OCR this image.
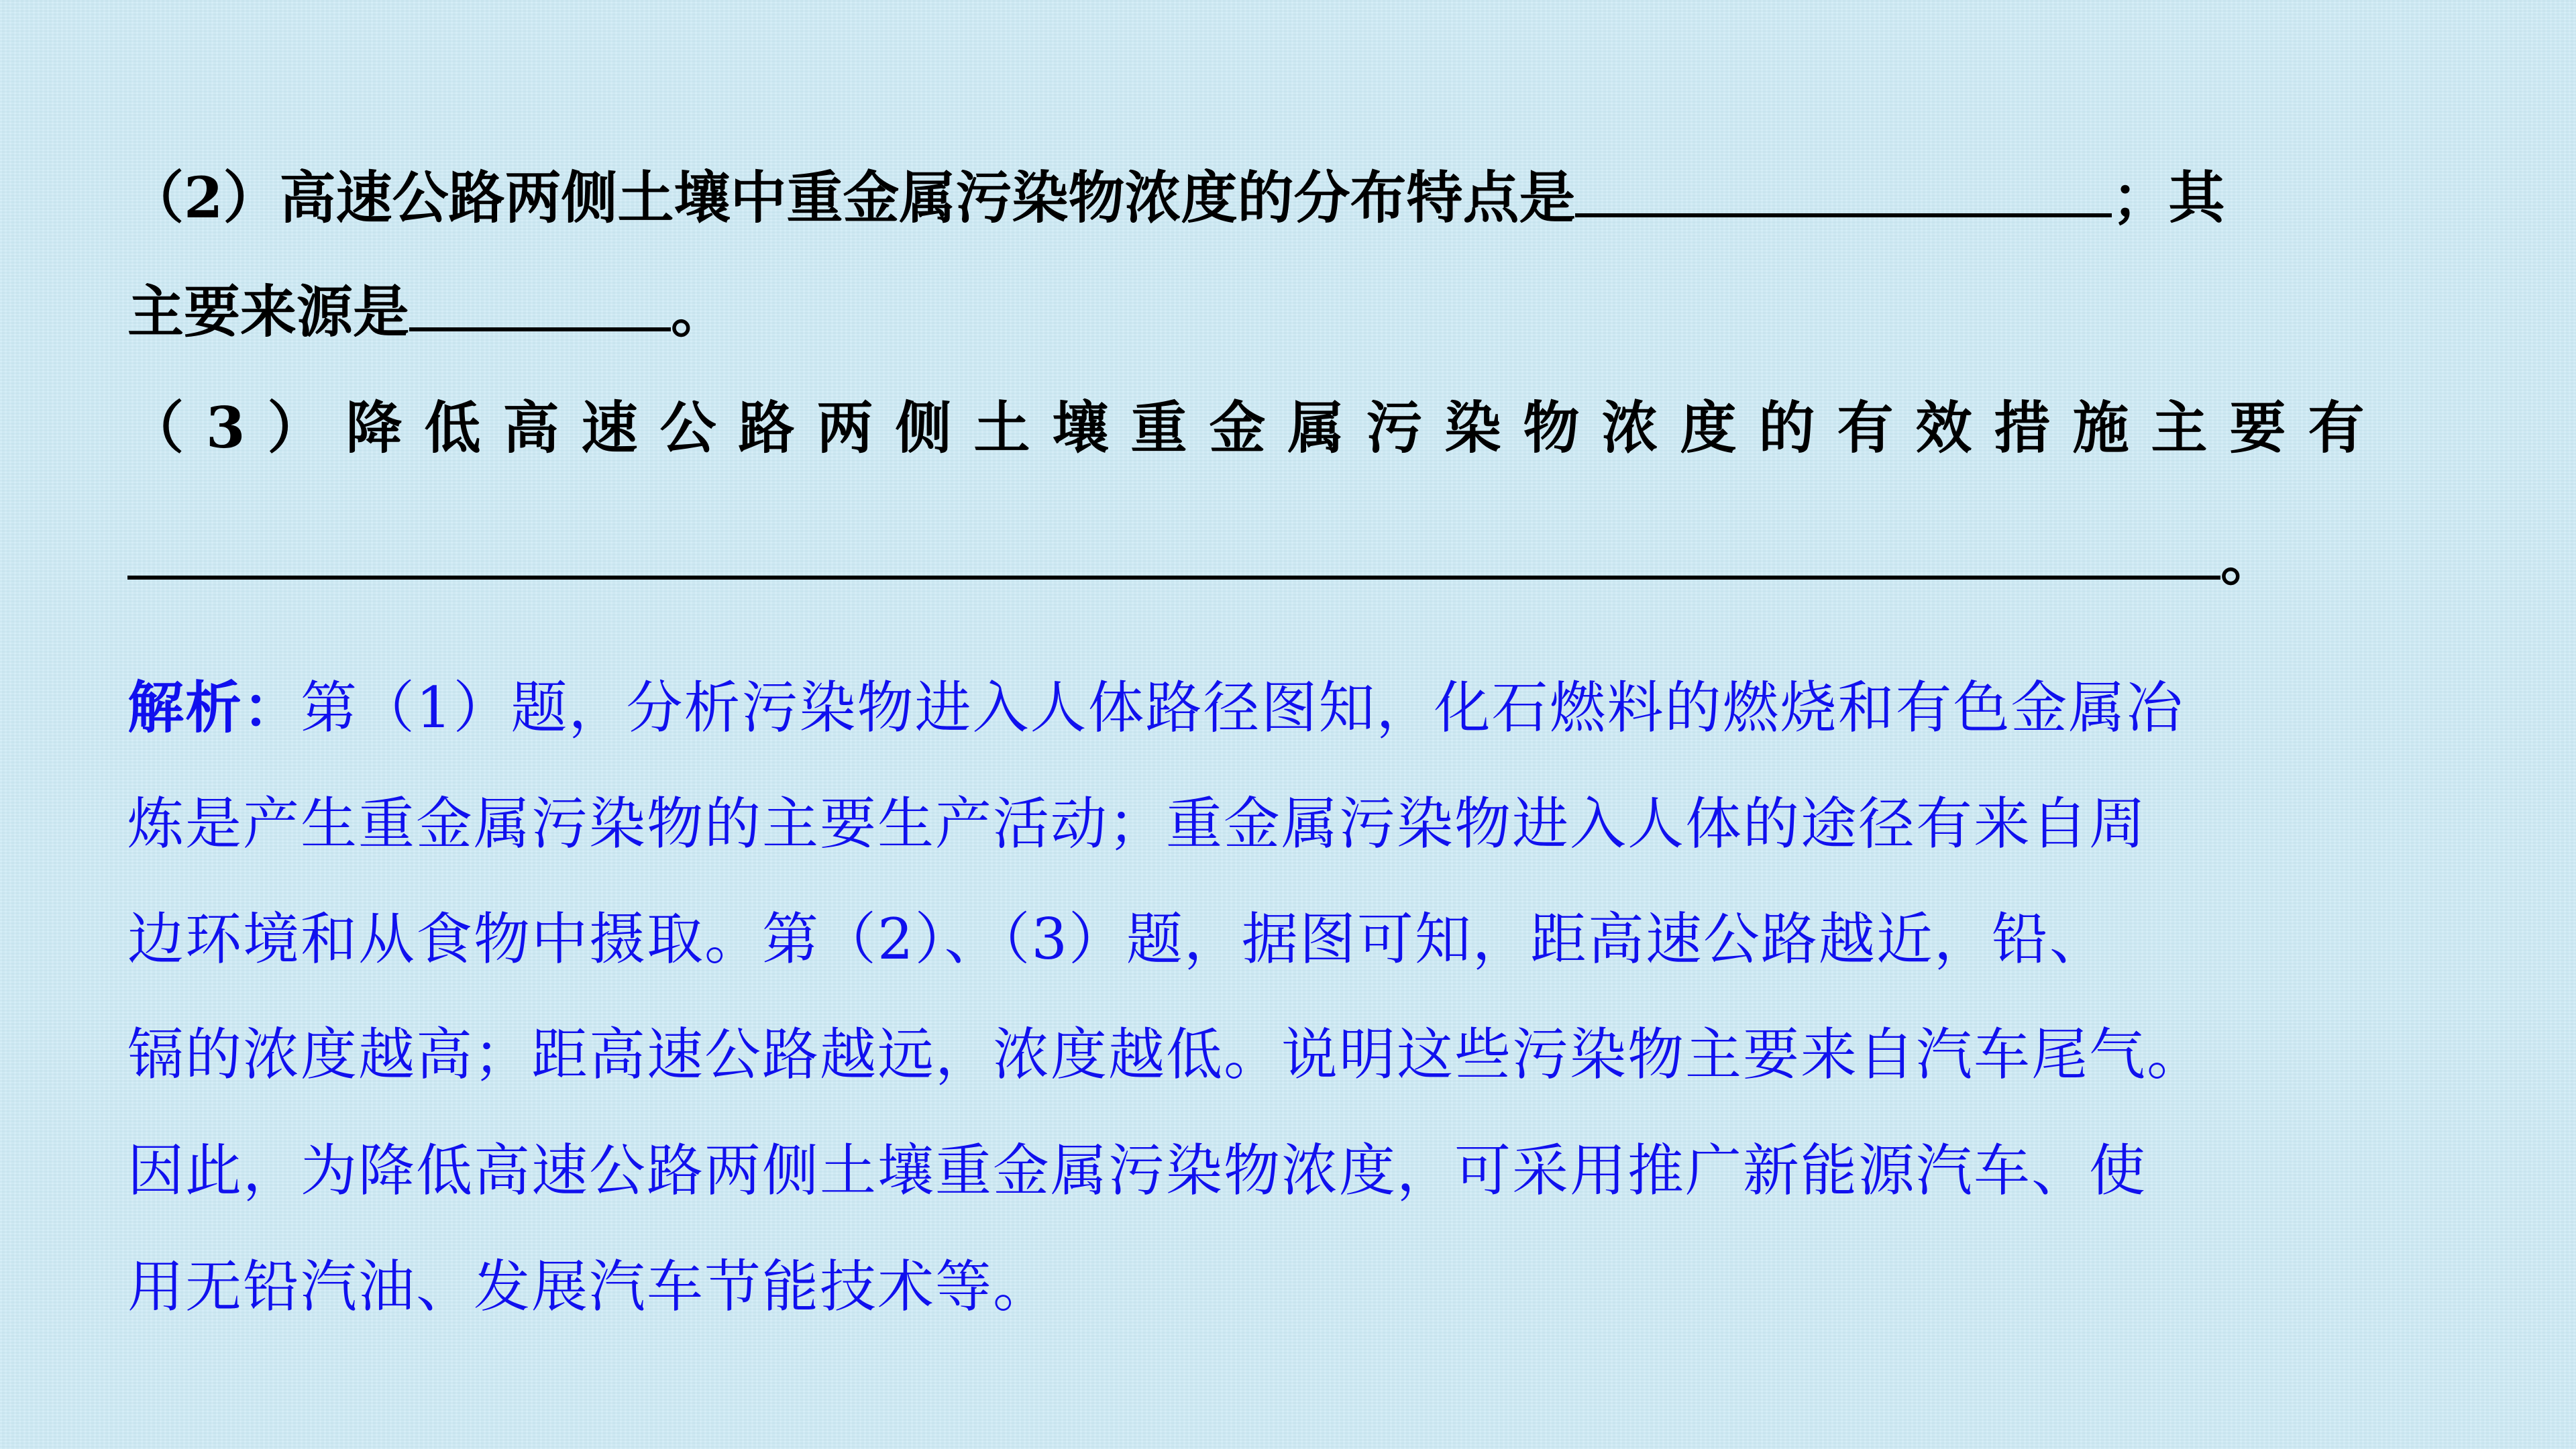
（2）高速公路两侧土壤中重金属污染物浓度的分布特点是	；其
主要来源是	。
（3）降低高速公路两侧土壤重金属污染物浓度的有效措施主要有
。
解析：第（1）题，分析污染物进入人体路径图知，化石燃料的燃烧和有色金属冶
炼是产生重金属污染物的主要生产活动；重金属污染物进入人体的途径有来自周
边环境和从食物中摄取。第（2）、（3）题，据图可知，距高速公路越近，铅、
镉的浓度越高；距高速公路越远，浓度越低。说明这些污染物主要来自汽车尾气。
因此，为降低高速公路两侧土壤重金属污染物浓度，可采用推广新能源汽车、使
用无铅汽油、发展汽车节能技术等。
